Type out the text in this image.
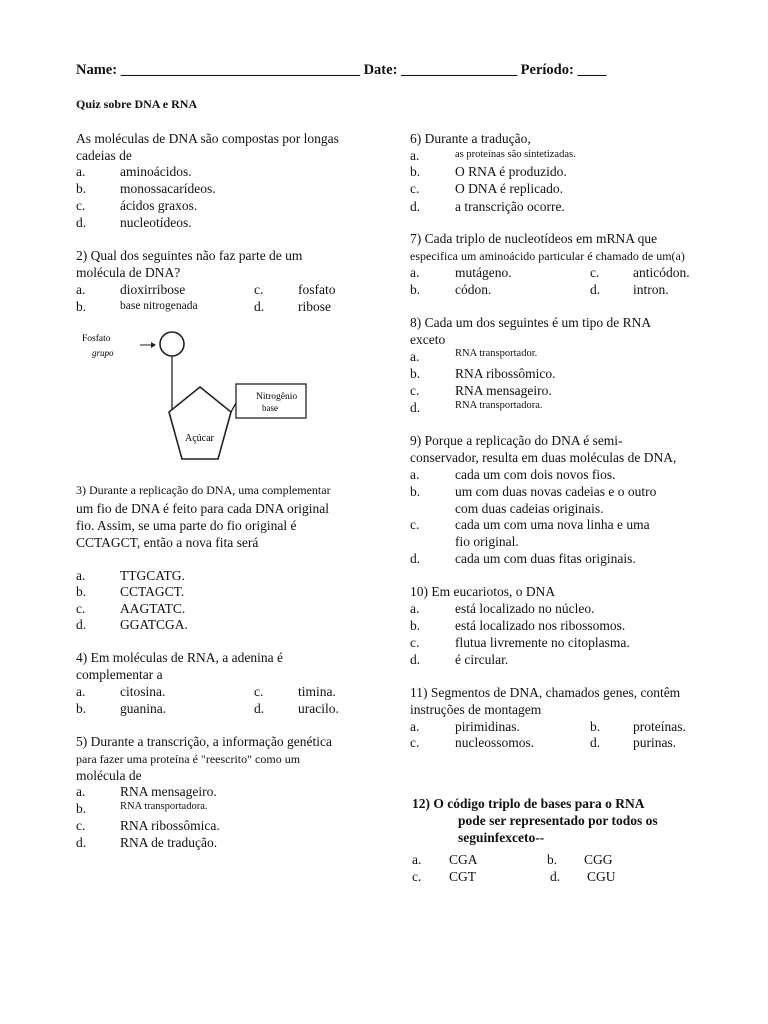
Name: _________________________________ Date: ________________ Período: ____
Quiz sobre DNA e RNA
As moléculas de DNA são compostas por longas
cadeias de
a.	aminoácidos.
b.	monossacarídeos.
c.	ácidos graxos.
d.	nucleotídeos.
2) Qual dos seguintes não faz parte de um
molécula de DNA?
a.	dioxirribose	c.	fosfato
b.	base nitrogenada	d.	ribose
Fosfato
grupo
Açúcar
Nitrogênio
base
3) Durante a replicação do DNA, uma complementar
um fio de DNA é feito para cada DNA original
fio. Assim, se uma parte do fio original é
CCTAGCT, então a nova fita será
a.	TTGCATG.
b.	CCTAGCT.
c.	AAGTATC.
d.	GGATCGA.
4) Em moléculas de RNA, a adenina é
complementar a
a.	citosina.	c.	timina.
b.	guanina.	d.	uracilo.
5) Durante a transcrição, a informação genética
para fazer uma proteína é "reescrito" como um
molécula de
a.	RNA mensageiro.
b.	RNA transportadora.
c.	RNA ribossômica.
d.	RNA de tradução.
6) Durante a tradução,
a.	as proteínas são sintetizadas.
b.	O RNA é produzido.
c.	O DNA é replicado.
d.	a transcrição ocorre.
7) Cada triplo de nucleotídeos em mRNA que
especifica um aminoácido particular é chamado de um(a)
a.	mutágeno.	c. anticódon.
b.	códon.	d. intron.
8) Cada um dos seguintes é um tipo de RNA
exceto
a.	RNA transportador.
b.	RNA ribossômico.
c.	RNA mensageiro.
d.	RNA transportadora.
9) Porque a replicação do DNA é semi-
conservador, resulta em duas moléculas de DNA,
a.	cada um com dois novos fios.
b.	um com duas novas cadeias e o outro
com duas cadeias originais.
c.	cada um com uma nova linha e uma
fio original.
d.	cada um com duas fitas originais.
10) Em eucariotos, o DNA
a.	está localizado no núcleo.
b.	está localizado nos ribossomos.
c.	flutua livremente no citoplasma.
d.	é circular.
11) Segmentos de DNA, chamados genes, contêm
instruções de montagem
a.	pirimidinas.	b. proteínas.
c.	nucleossomos.	d. purinas.
12) O código triplo de bases para o RNA
pode ser representado por todos os
seguinfexceto--
a. CGA	b. CGG
c. CGT	d. CGU
